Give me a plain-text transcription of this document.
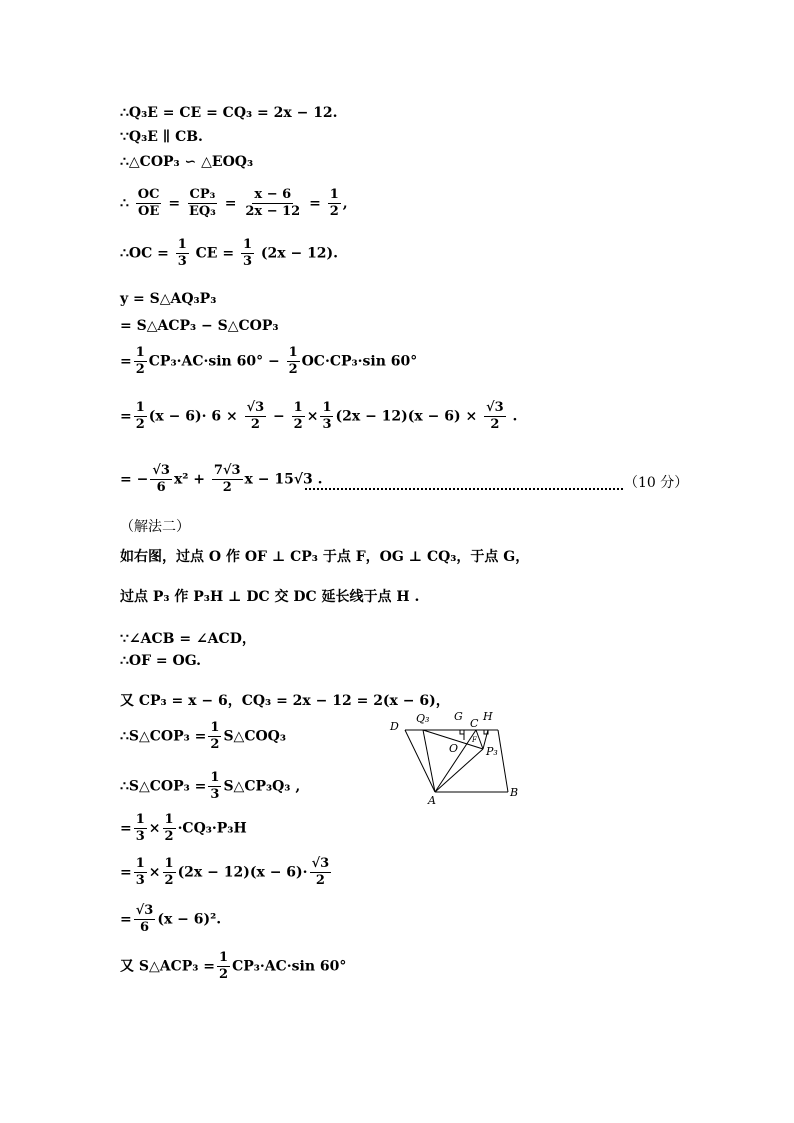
∴Q₃E = CE = CQ₃ = 2x − 12.
∵Q₃E ∥ CB.
∴△COP₃ ∽ △EOQ₃
∴ $\frac{OC}{OE} = \frac{\text{CP₃}}{\text{EQ₃}} = \frac{x - 6}{2x - 12} = \frac{1}{2}$ ,
∴OC = $\frac{1}{3}$ CE = $\frac{1}{3} (2x - 12)$.
y = S△AQ₃P₃
= S△ACP₃ − S△COP₃
= $\frac{1}{2} CP_3\cdot AC\cdot\sin$ $60^\circ - \frac{1}{2} OC\cdot CP_3\cdot\sin$ 60°
= $\frac{1}{2} (x - 6)\cdot 6 \times \frac{√3}{2} - \frac{1}{2} \times \frac{1}{3} (2x - 12)(x - 6) \times \frac{√3}{2}$ .
= − $\frac{√3}{6} x^2 + \frac{7√3}{2}$ x − 15√3 .	（10 分）
（解法二）
如右图，过点 O 作 OF ⊥ CP₃ 于点 F，OG ⊥ CQ₃，于点 G，
过点 P₃ 作 P₃H ⊥ DC 交 DC 延长线于点 H .
∵∠ACB = ∠ACD，
∴OF = OG.
又 CP₃ = x − 6，CQ₃ = 2x − 12 = 2(x − 6)，
∴S△COP₃ = $\frac{1}{2}$ S△COQ₃
∴S△COP₃ = $\frac{1}{3}$ S△CP₃Q₃ ,
= $\frac{1}{3} \times \frac{1}{2} \cdot CQ_3\cdot P_3H$
= $\frac{1}{3} \times \frac{1}{2} (2x - 12)(x - 6)\cdot \frac{√3}{2}$
= $\frac{√3}{6} (x - 6)^2$.
又 S△ACP₃ = $\frac{1}{2} CP_3\cdot AC\cdot\sin$ 60°
D
Q₃ G
C
H
O
F
P₃
A
B
